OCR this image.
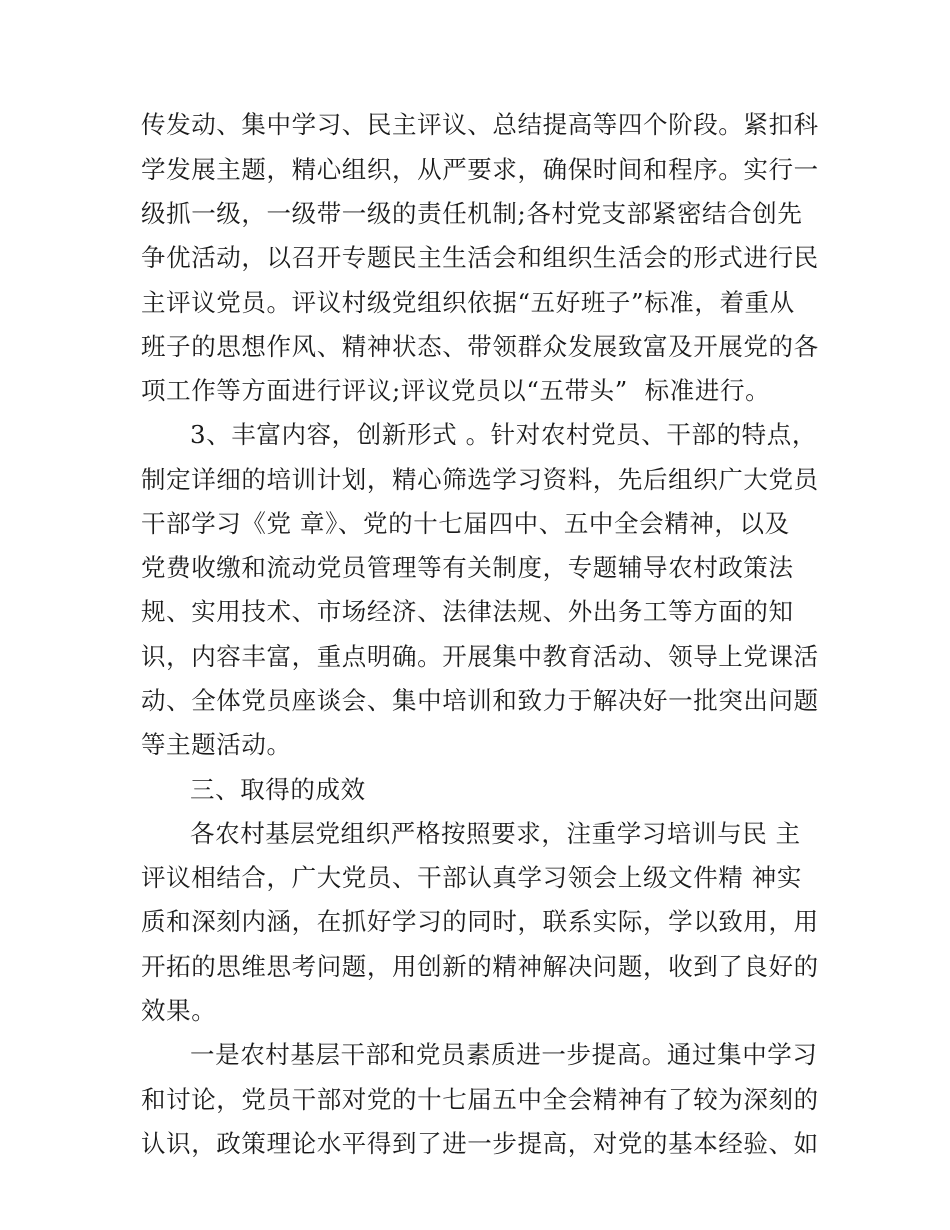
传发动、集中学习、民主评议、总结提高等四个阶段。紧扣科
学发展主题，精心组织，从严要求，确保时间和程序。实行一
级抓一级，一级带一级的责任机制;各村党支部紧密结合创先
争优活动，以召开专题民主生活会和组织生活会的形式进行民
主评议党员。评议村级党组织依据“五好班子”标准，着重从
班子的思想作风、精神状态、带领群众发展致富及开展党的各
项工作等方面进行评议;评议党员以“五带头”  标准进行。
3、丰富内容，创新形式 。针对农村党员、干部的特点，
制定详细的培训计划，精心筛选学习资料，先后组织广大党员
干部学习《党 章》、党的十七届四中、五中全会精神，以及
党费收缴和流动党员管理等有关制度，专题辅导农村政策法
规、实用技术、市场经济、法律法规、外出务工等方面的知
识，内容丰富，重点明确。开展集中教育活动、领导上党课活
动、全体党员座谈会、集中培训和致力于解决好一批突出问题
等主题活动。
三、取得的成效
各农村基层党组织严格按照要求，注重学习培训与民 主
评议相结合，广大党员、干部认真学习领会上级文件精 神实
质和深刻内涵，在抓好学习的同时，联系实际，学以致用，用
开拓的思维思考问题，用创新的精神解决问题，收到了良好的
效果。
一是农村基层干部和党员素质进一步提高。通过集中学习
和讨论，党员干部对党的十七届五中全会精神有了较为深刻的
认识，政策理论水平得到了进一步提高，对党的基本经验、如
